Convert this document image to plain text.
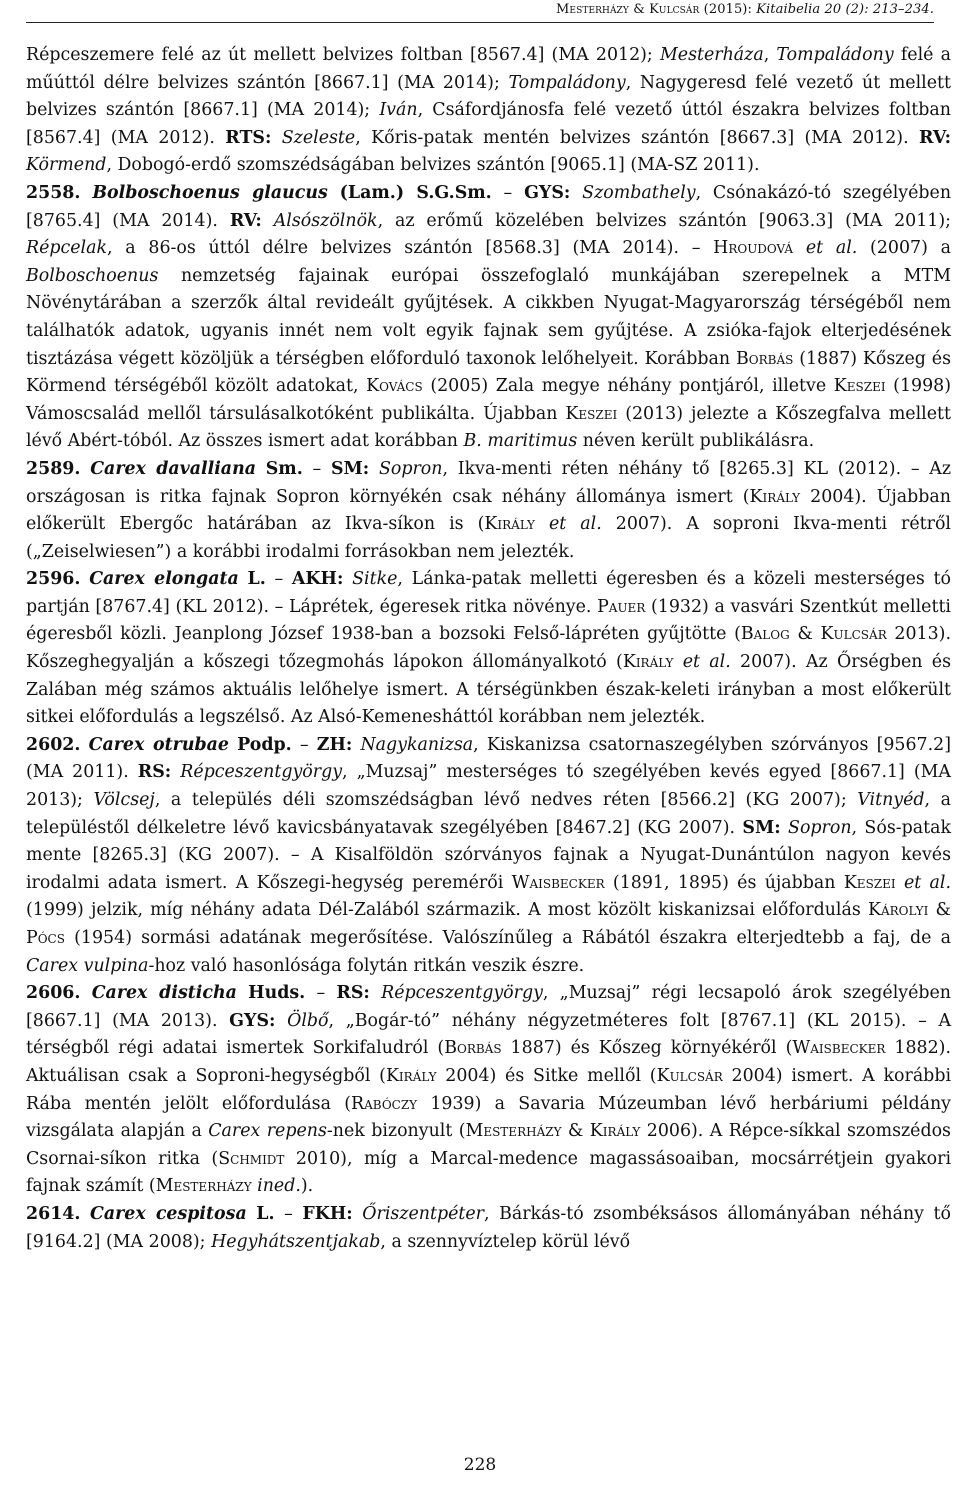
Mesterházy & Kulcsár (2015): Kitaibelia 20 (2): 213–234.

Répceszemere felé az út mellett belvizes foltban [8567.4] (MA 2012); Mesterháza, Tompaládony felé a műúttól délre belvizes szántón [8667.1] (MA 2014); Tompaládony, Nagygeresd felé vezető út mellett belvizes szántón [8667.1] (MA 2014); Iván, Csáfordjánosfa felé vezető úttól északra belvizes foltban [8567.4] (MA 2012). RTS: Szeleste, Kőris-patak mentén belvizes szántón [8667.3] (MA 2012). RV: Körmend, Dobogó-erdő szomszédságában belvizes szántón [9065.1] (MA-SZ 2011).

2558. Bolboschoenus glaucus (Lam.) S.G.Sm. – GYS: Szombathely, Csónakázó-tó szegélyében [8765.4] (MA 2014). RV: Alsószölnök, az erőmű közelében belvizes szántón [9063.3] (MA 2011); Répcelak, a 86-os úttól délre belvizes szántón [8568.3] (MA 2014). – Hroudová et al. (2007) a Bolboschoenus nemzetség fajainak európai összefoglaló munkájában szerepelnek a MTM Növénytárában a szerzők által revideált gyűjtések. A cikkben Nyugat-Magyarország térségéből nem találhatók adatok, ugyanis innét nem volt egyik fajnak sem gyűjtése. A zsióka-fajok elterjedésének tisztázása végett közöljük a térségben előforduló taxonok lelőhelyeit. Korábban Borbás (1887) Kőszeg és Körmend térségéből közölt adatokat, Kovács (2005) Zala megye néhány pontjáról, illetve Keszei (1998) Vámoscsalád mellől társulásalkotóként publikálta. Újabban Keszei (2013) jelezte a Kőszegfalva mellett lévő Abért-tóból. Az összes ismert adat korábban B. maritimus néven került publikálásra.

2589. Carex davalliana Sm. – SM: Sopron, Ikva-menti réten néhány tő [8265.3] KL (2012). – Az országosan is ritka fajnak Sopron környékén csak néhány állománya ismert (Király 2004). Újabban előkerült Ebergőc határában az Ikva-síkon is (Király et al. 2007). A soproni Ikva-menti rétről („Zeiselwiesen”) a korábbi irodalmi forrásokban nem jelezték.

2596. Carex elongata L. – AKH: Sitke, Lánka-patak melletti égeresben és a közeli mesterséges tó partján [8767.4] (KL 2012). – Láprétek, égeresek ritka növénye. Pauer (1932) a vasvári Szentkút melletti égeresből közli. Jeanplong József 1938-ban a bozsoki Felső-lápréten gyűjtötte (Balog & Kulcsár 2013). Kőszeghegyalján a kőszegi tőzegmohás lápokon állományalkotó (Király et al. 2007). Az Őrségben és Zalában még számos aktuális lelőhelye ismert. A térségünkben észak-keleti irányban a most előkerült sitkei előfordulás a legszélső. Az Alsó-Kemenesháttól korábban nem jelezték.

2602. Carex otrubae Podp. – ZH: Nagykanizsa, Kiskanizsa csatornaszegélyben szórványos [9567.2] (MA 2011). RS: Répceszentgyörgy, „Muzsaj” mesterséges tó szegélyében kevés egyed [8667.1] (MA 2013); Völcsej, a település déli szomszédságban lévő nedves réten [8566.2] (KG 2007); Vitnyéd, a településtől délkeletre lévő kavicsbányatavak szegélyében [8467.2] (KG 2007). SM: Sopron, Sós-patak mente [8265.3] (KG 2007). – A Kisalföldön szórványos fajnak a Nyugat-Dunántúlon nagyon kevés irodalmi adata ismert. A Kőszegi-hegység peremérői Waisbecker (1891, 1895) és újabban Keszei et al. (1999) jelzik, míg néhány adata Dél-Zalából származik. A most közölt kiskanizsai előfordulás Károlyi & Pócs (1954) sormási adatának megerősítése. Valószínűleg a Rábától északra elterjedtebb a faj, de a Carex vulpina-hoz való hasonlósága folytán ritkán veszik észre.

2606. Carex disticha Huds. – RS: Répceszentgyörgy, „Muzsaj” régi lecsapoló árok szegélyében [8667.1] (MA 2013). GYS: Ölbő, „Bogár-tó” néhány négyzetméteres folt [8767.1] (KL 2015). – A térségből régi adatai ismertek Sorkifaludról (Borbás 1887) és Kőszeg környékéről (Waisbecker 1882). Aktuálisan csak a Soproni-hegységből (Király 2004) és Sitke mellől (Kulcsár 2004) ismert. A korábbi Rába mentén jelölt előfordulása (Rabóczy 1939) a Savaria Múzeumban lévő herbáriumi példány vizsgálata alapján a Carex repens-nek bizonyult (Mesterházy & Király 2006). A Répce-síkkal szomszédos Csornai-síkon ritka (Schmidt 2010), míg a Marcal-medence magassásoaiban, mocsárrétjein gyakori fajnak számít (Mesterházy ined.).

2614. Carex cespitosa L. – FKH: Őriszentpéter, Bárkás-tó zsombéksásos állományában néhány tő [9164.2] (MA 2008); Hegyhátszentjakab, a szennyvíztelep körül lévő

228
